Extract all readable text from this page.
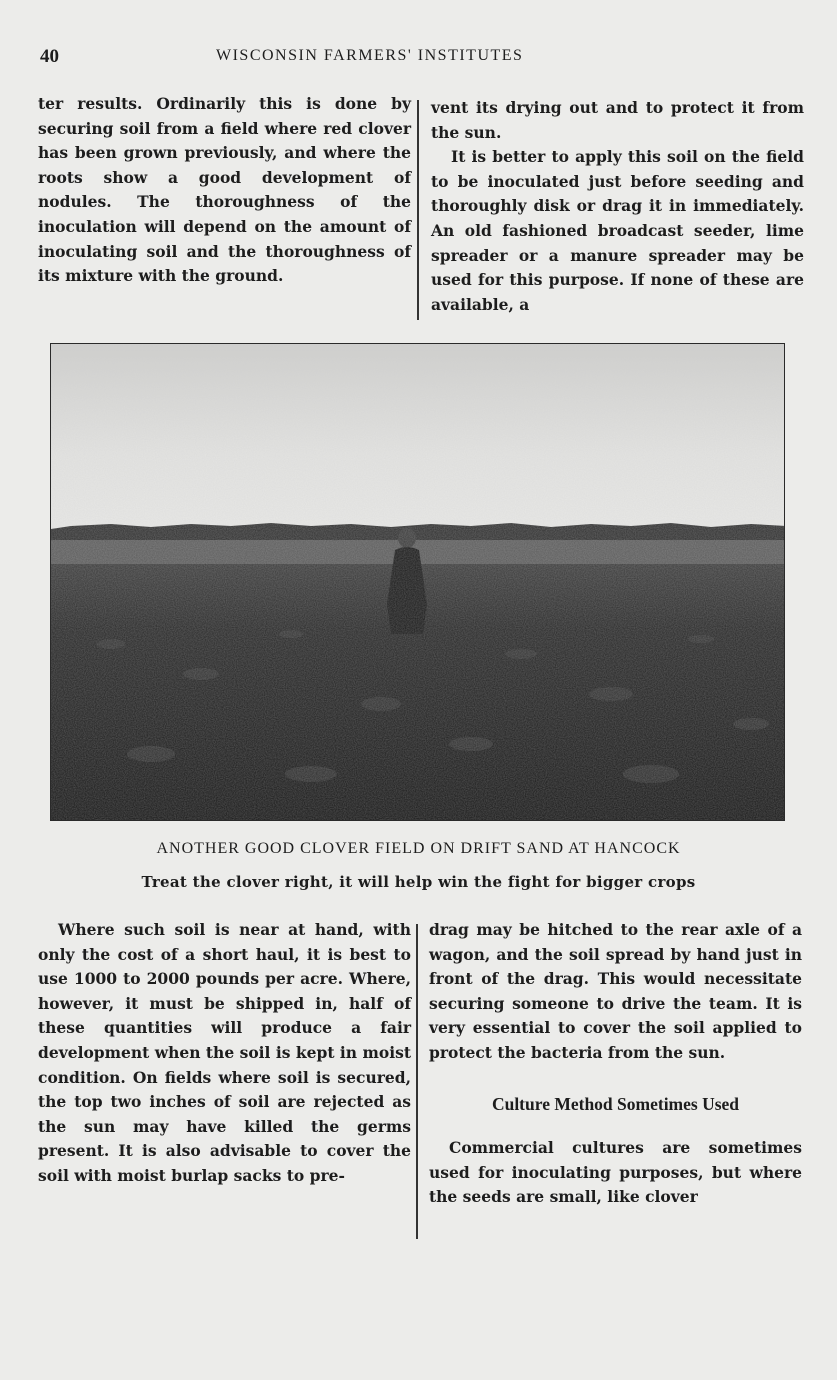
40	WISCONSIN FARMERS' INSTITUTES

ter results. Ordinarily this is done by securing soil from a field where red clover has been grown previously, and where the roots show a good development of nodules. The thoroughness of the inoculation will depend on the amount of inoculating soil and the thoroughness of its mixture with the ground.

vent its drying out and to protect it from the sun.

It is better to apply this soil on the field to be inoculated just before seeding and thoroughly disk or drag it in immediately. An old fashioned broadcast seeder, lime spreader or a manure spreader may be used for this purpose. If none of these are available, a

ANOTHER GOOD CLOVER FIELD ON DRIFT SAND AT HANCOCK
Treat the clover right, it will help win the fight for bigger crops

Where such soil is near at hand, with only the cost of a short haul, it is best to use 1000 to 2000 pounds per acre. Where, however, it must be shipped in, half of these quantities will produce a fair development when the soil is kept in moist condition. On fields where soil is secured, the top two inches of soil are rejected as the sun may have killed the germs present. It is also advisable to cover the soil with moist burlap sacks to pre-

drag may be hitched to the rear axle of a wagon, and the soil spread by hand just in front of the drag. This would necessitate securing someone to drive the team. It is very essential to cover the soil applied to protect the bacteria from the sun.

Culture Method Sometimes Used

Commercial cultures are sometimes used for inoculating purposes, but where the seeds are small, like clover
